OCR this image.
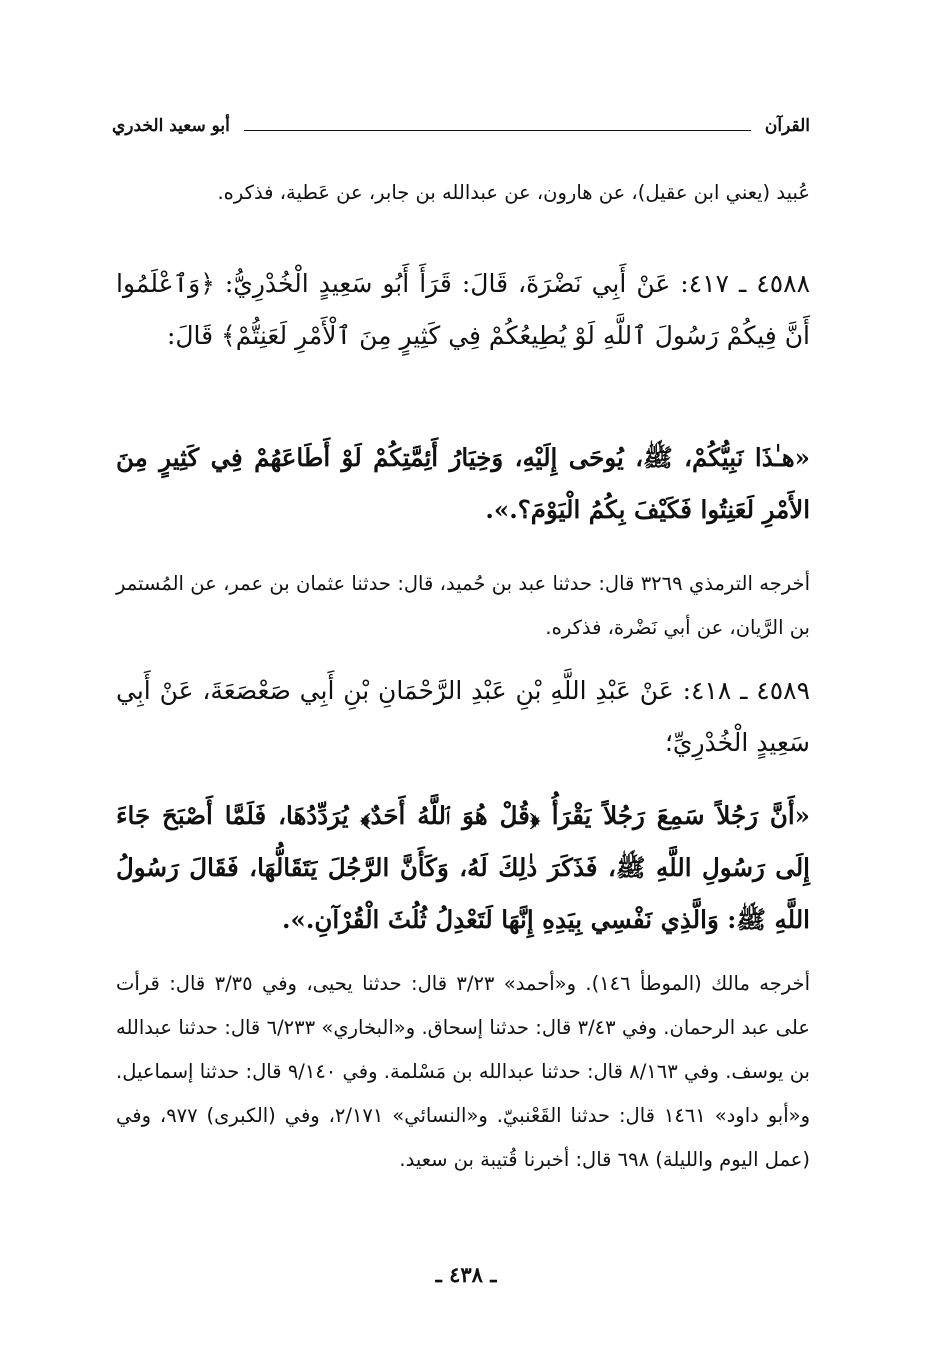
القرآن
أبو سعيد الخدري
عُبيد (يعني ابن عقيل)، عن هارون، عن عبدالله بن جابر، عن عَطية، فذكره.
٤٥٨٨ ـ ٤١٧: عَنْ أَبِي نَضْرَةَ، قَالَ: قَرَأَ أَبُو سَعِيدٍ الْخُدْرِيُّ: ﴿وَٱعْلَمُوا أَنَّ فِيكُمْ رَسُولَ ٱللَّهِ لَوْ يُطِيعُكُمْ فِي كَثِيرٍ مِنَ ٱلْأَمْرِ لَعَنِتُّمْ﴾ قَالَ:
«هـٰذَا نَبِيُّكُمْ، ﷺ، يُوحَى إِلَيْهِ، وَخِيَارُ أَئِمَّتِكُمْ لَوْ أَطَاعَهُمْ فِي كَثِيرٍ مِنَ الأَمْرِ لَعَنِتُوا فَكَيْفَ بِكُمُ الْيَوْمَ؟.».
أخرجه الترمذي ٣٢٦٩ قال: حدثنا عبد بن حُميد، قال: حدثنا عثمان بن عمر، عن المُستمر بن الرَّيان، عن أبي نَضْرة، فذكره.
٤٥٨٩ ـ ٤١٨: عَنْ عَبْدِ اللَّهِ بْنِ عَبْدِ الرَّحْمَانِ بْنِ أَبِي صَعْصَعَةَ، عَنْ أَبِي سَعِيدٍ الْخُدْرِيِّ؛
«أَنَّ رَجُلاً سَمِعَ رَجُلاً يَقْرَأُ ﴿قُلْ هُوَ ٱللَّهُ أَحَدٌ﴾ يُرَدِّدُهَا، فَلَمَّا أَصْبَحَ جَاءَ إِلَى رَسُولِ اللَّهِ ﷺ، فَذَكَرَ ذٰلِكَ لَهُ، وَكَأَنَّ الرَّجُلَ يَتَقَالُّهَا، فَقَالَ رَسُولُ اللَّهِ ﷺ: وَالَّذِي نَفْسِي بِيَدِهِ إِنَّهَا لَتَعْدِلُ ثُلُثَ الْقُرْآنِ.».
أخرجه مالك (الموطأ ١٤٦). و«أحمد» ٣/٢٣ قال: حدثنا يحيى، وفي ٣/٣٥ قال: قرأت على عبد الرحمان. وفي ٣/٤٣ قال: حدثنا إسحاق. و«البخاري» ٦/٢٣٣ قال: حدثنا عبدالله بن يوسف. وفي ٨/١٦٣ قال: حدثنا عبدالله بن مَسْلمة. وفي ٩/١٤٠ قال: حدثنا إسماعيل. و«أبو داود» ١٤٦١ قال: حدثنا القَعْنبيّ. و«النسائي» ٢/١٧١، وفي (الكبرى) ٩٧٧، وفي (عمل اليوم والليلة) ٦٩٨ قال: أخبرنا قُتيبة بن سعيد.
ـ ٤٣٨ ـ
